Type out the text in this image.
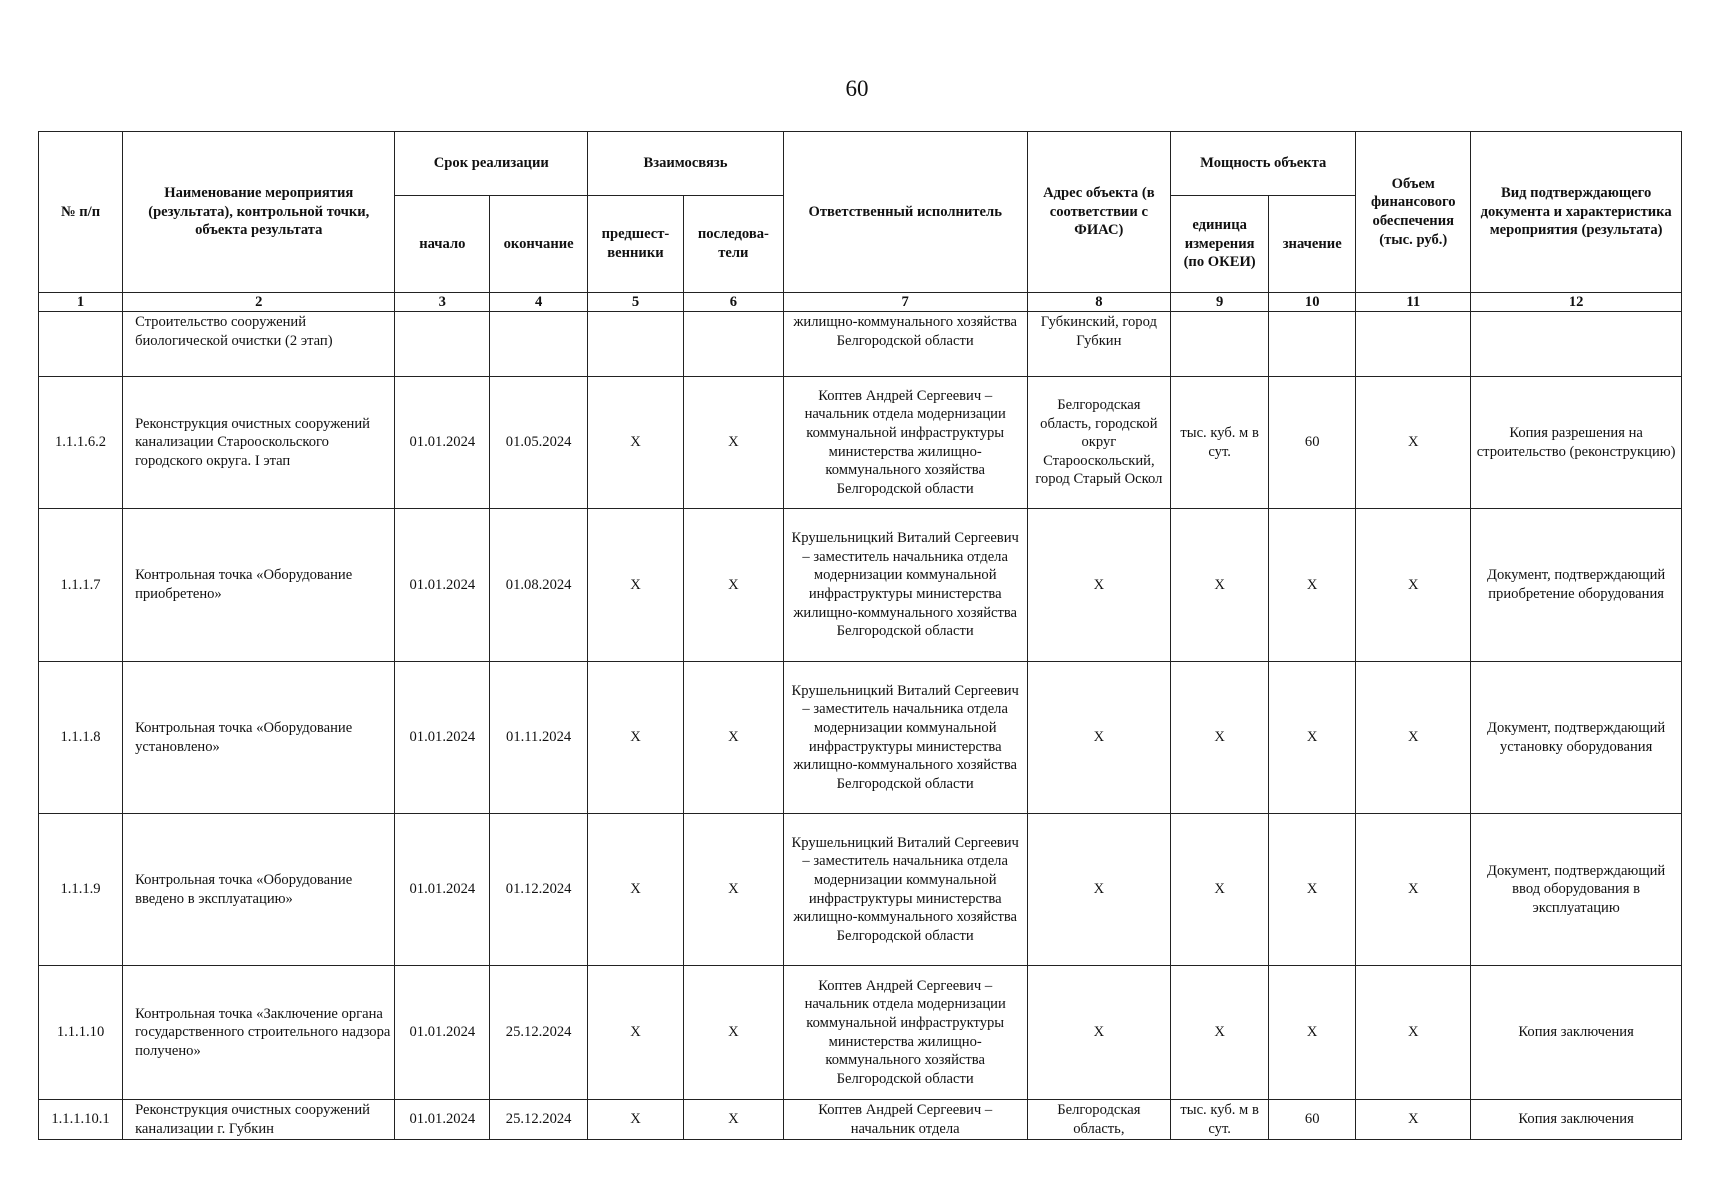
60
№ п/п	Наименование мероприятия (результата), контрольной точки, объекта результата	Срок реализации		Взаимосвязь		Ответственный исполнитель	Адрес объекта (в соответствии с ФИАС)	Мощность объекта		Объем финансового обеспечения (тыс. руб.)	Вид подтверждающего документа и характеристика мероприятия (результата)
		начало	окончание	предшест-венники	последова-тели			единица измерения (по ОКЕИ)	значение		
1	2	3	4	5	6	7	8	9	10	11	12
	Строительство сооружений биологической очистки (2 этап)					жилищно-коммунального хозяйства Белгородской области	Губкинский, город Губкин				
1.1.1.6.2	Реконструкция очистных сооружений канализации Старооскольского городского округа. I этап	01.01.2024	01.05.2024	X	X	Коптев Андрей Сергеевич – начальник отдела модернизации коммунальной инфраструктуры министерства жилищно-коммунального хозяйства Белгородской области	Белгородская область, городской округ Старооскольский, город Старый Оскол	тыс. куб. м в сут.	60	X	Копия разрешения на строительство (реконструкцию)
1.1.1.7	Контрольная точка «Оборудование приобретено»	01.01.2024	01.08.2024	X	X	Крушельницкий Виталий Сергеевич – заместитель начальника отдела модернизации коммунальной инфраструктуры министерства жилищно-коммунального хозяйства Белгородской области	X	X	X	X	Документ, подтверждающий приобретение оборудования
1.1.1.8	Контрольная точка «Оборудование установлено»	01.01.2024	01.11.2024	X	X	Крушельницкий Виталий Сергеевич – заместитель начальника отдела модернизации коммунальной инфраструктуры министерства жилищно-коммунального хозяйства Белгородской области	X	X	X	X	Документ, подтверждающий установку оборудования
1.1.1.9	Контрольная точка «Оборудование введено в эксплуатацию»	01.01.2024	01.12.2024	X	X	Крушельницкий Виталий Сергеевич – заместитель начальника отдела модернизации коммунальной инфраструктуры министерства жилищно-коммунального хозяйства Белгородской области	X	X	X	X	Документ, подтверждающий ввод оборудования в эксплуатацию
1.1.1.10	Контрольная точка «Заключение органа государственного строительного надзора получено»	01.01.2024	25.12.2024	X	X	Коптев Андрей Сергеевич – начальник отдела модернизации коммунальной инфраструктуры министерства жилищно-коммунального хозяйства Белгородской области	X	X	X	X	Копия заключения
1.1.1.10.1	Реконструкция очистных сооружений канализации г. Губкин	01.01.2024	25.12.2024	X	X	Коптев Андрей Сергеевич – начальник отдела	Белгородская область,	тыс. куб. м в сут.	60	X	Копия заключения
